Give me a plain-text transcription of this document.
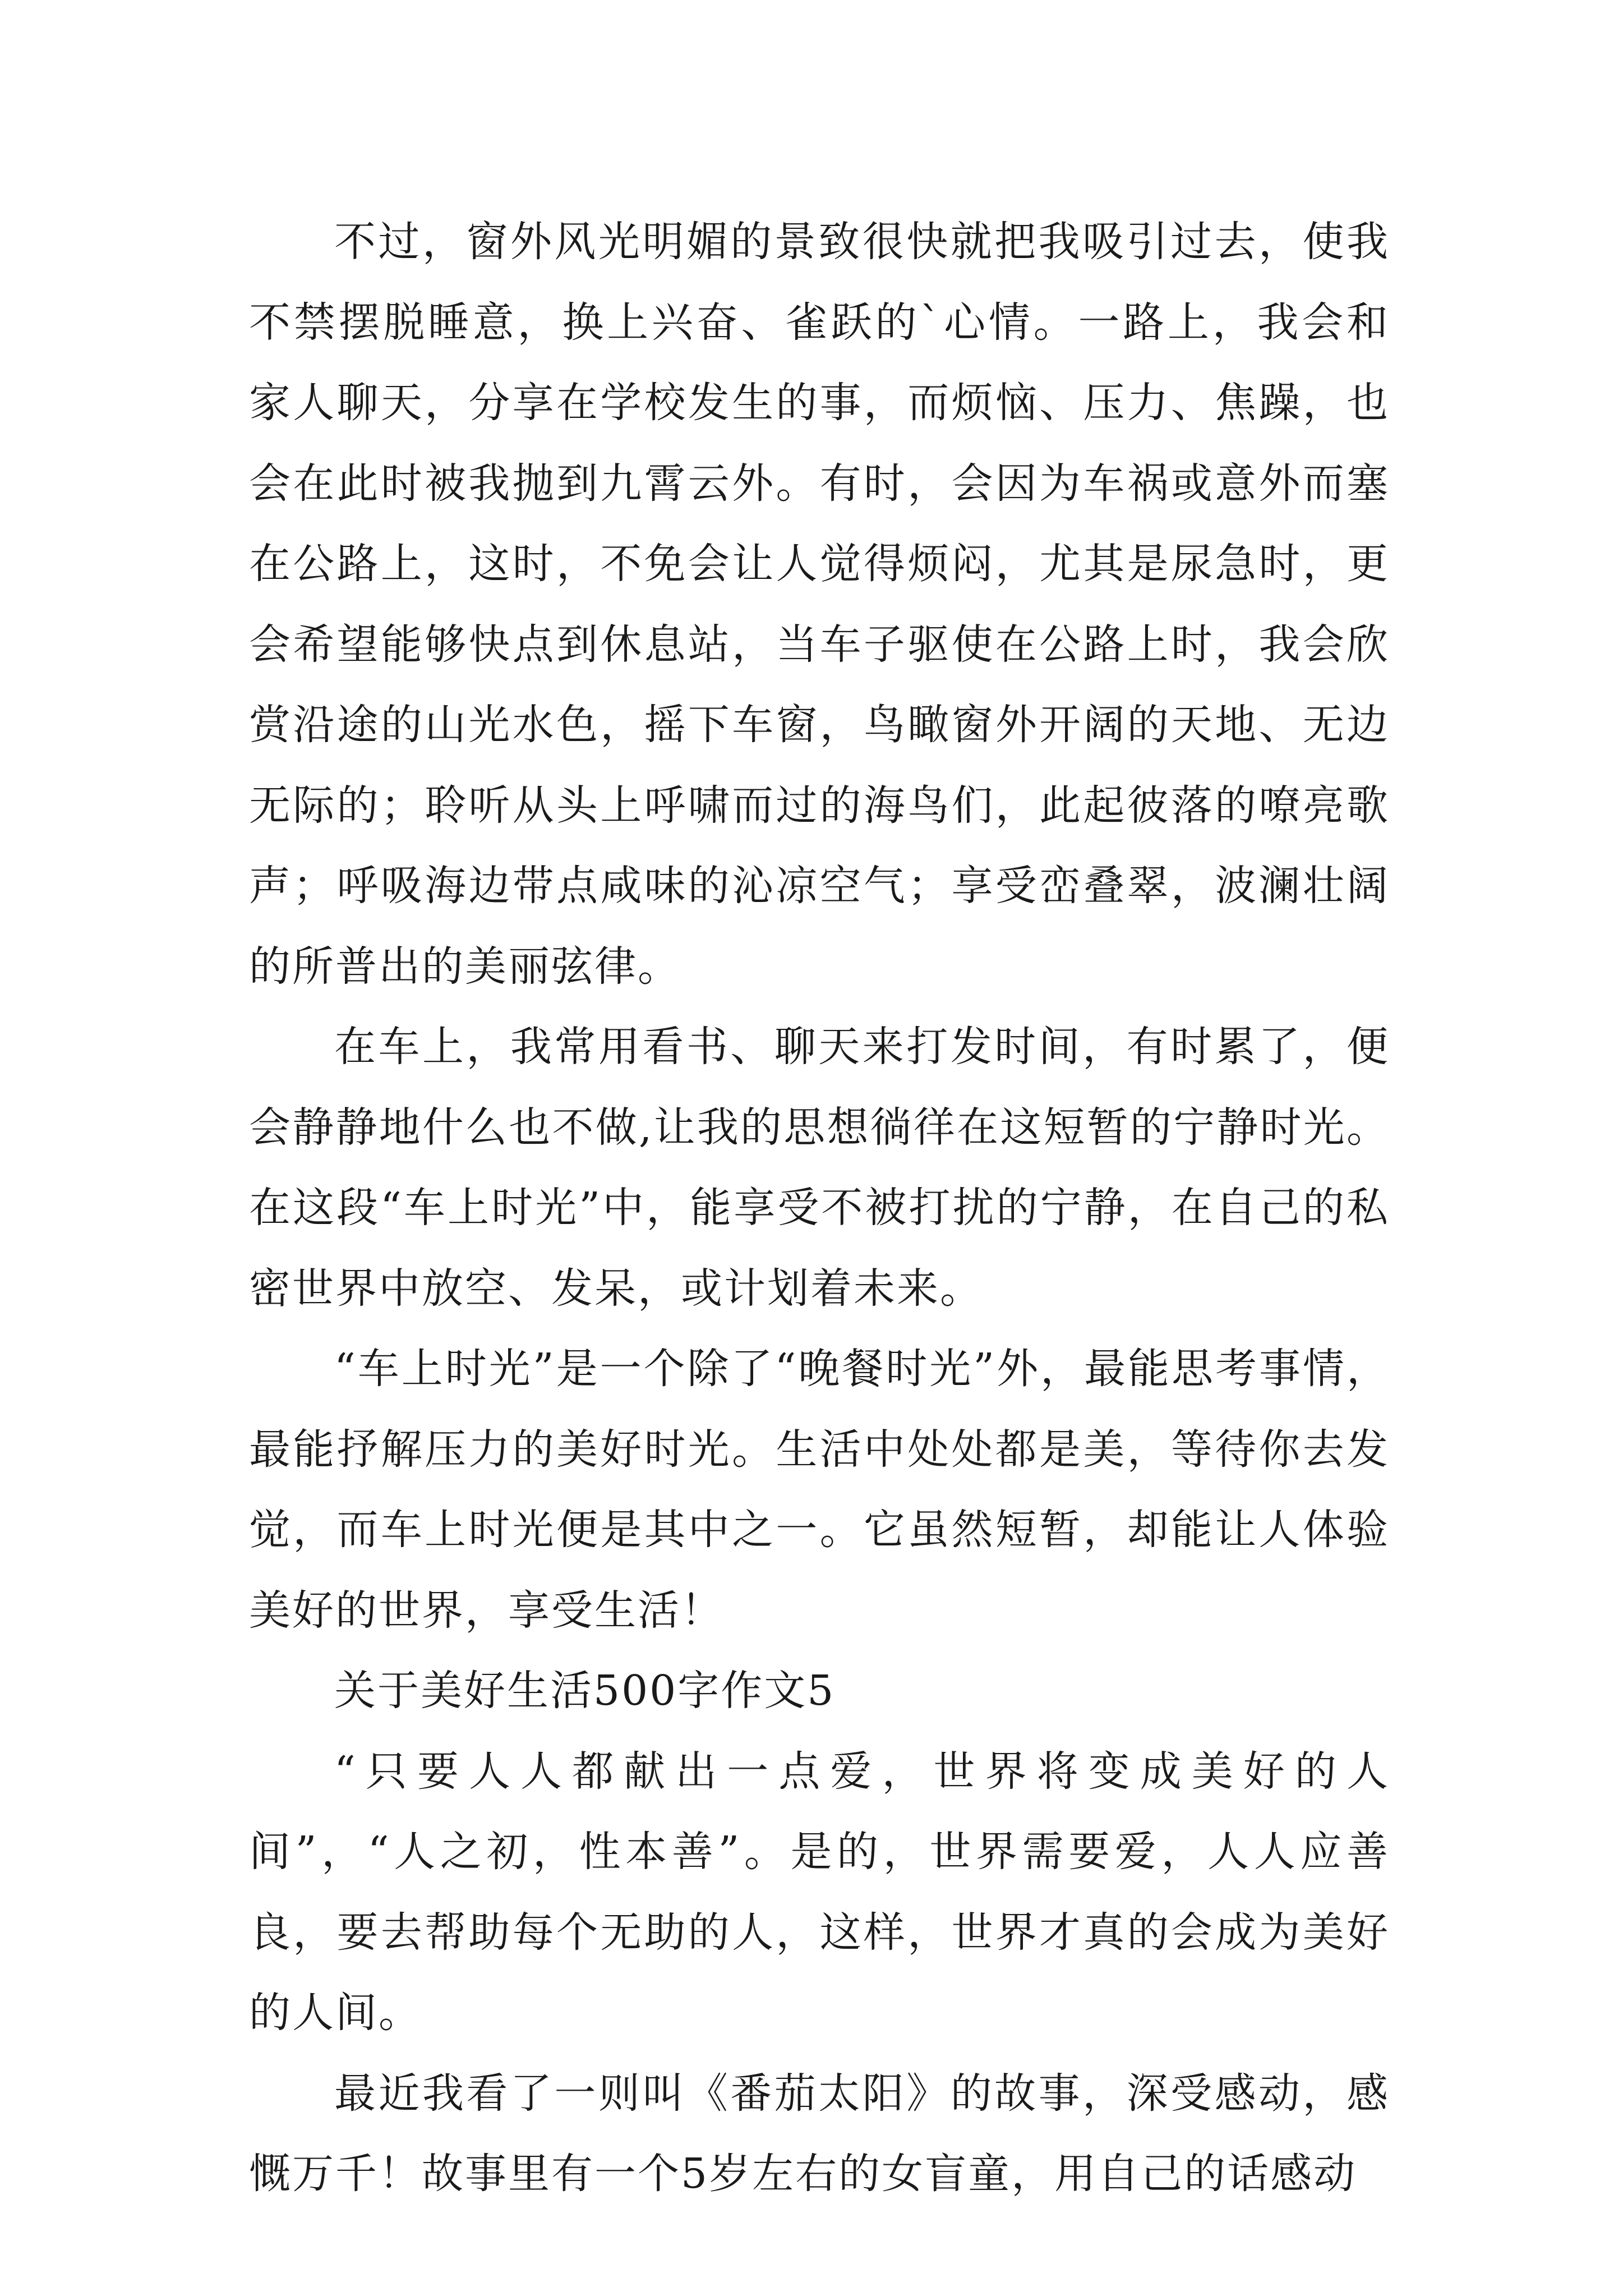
不过，窗外风光明媚的景致很快就把我吸引过去，使我不禁摆脱睡意，换上兴奋、雀跃的`心情。一路上，我会和家人聊天，分享在学校发生的事，而烦恼、压力、焦躁，也会在此时被我抛到九霄云外。有时，会因为车祸或意外而塞在公路上，这时，不免会让人觉得烦闷，尤其是尿急时，更会希望能够快点到休息站，当车子驱使在公路上时，我会欣赏沿途的山光水色，摇下车窗，鸟瞰窗外开阔的天地、无边无际的；聆听从头上呼啸而过的海鸟们，此起彼落的嘹亮歌声；呼吸海边带点咸味的沁凉空气；享受峦叠翠，波澜壮阔的所普出的美丽弦律。

在车上，我常用看书、聊天来打发时间，有时累了，便会静静地什么也不做,让我的思想徜徉在这短暂的宁静时光。在这段“车上时光”中，能享受不被打扰的宁静，在自己的私密世界中放空、发呆，或计划着未来。

“车上时光”是一个除了“晚餐时光”外，最能思考事情，最能抒解压力的美好时光。生活中处处都是美，等待你去发觉，而车上时光便是其中之一。它虽然短暂，却能让人体验美好的世界，享受生活！

关于美好生活500字作文5

“只要人人都献出一点爱，世界将变成美好的人间”，“人之初，性本善”。是的，世界需要爱，人人应善良，要去帮助每个无助的人，这样，世界才真的会成为美好的人间。

最近我看了一则叫《番茄太阳》的故事，深受感动，感慨万千！故事里有一个5岁左右的女盲童，用自己的话感动
